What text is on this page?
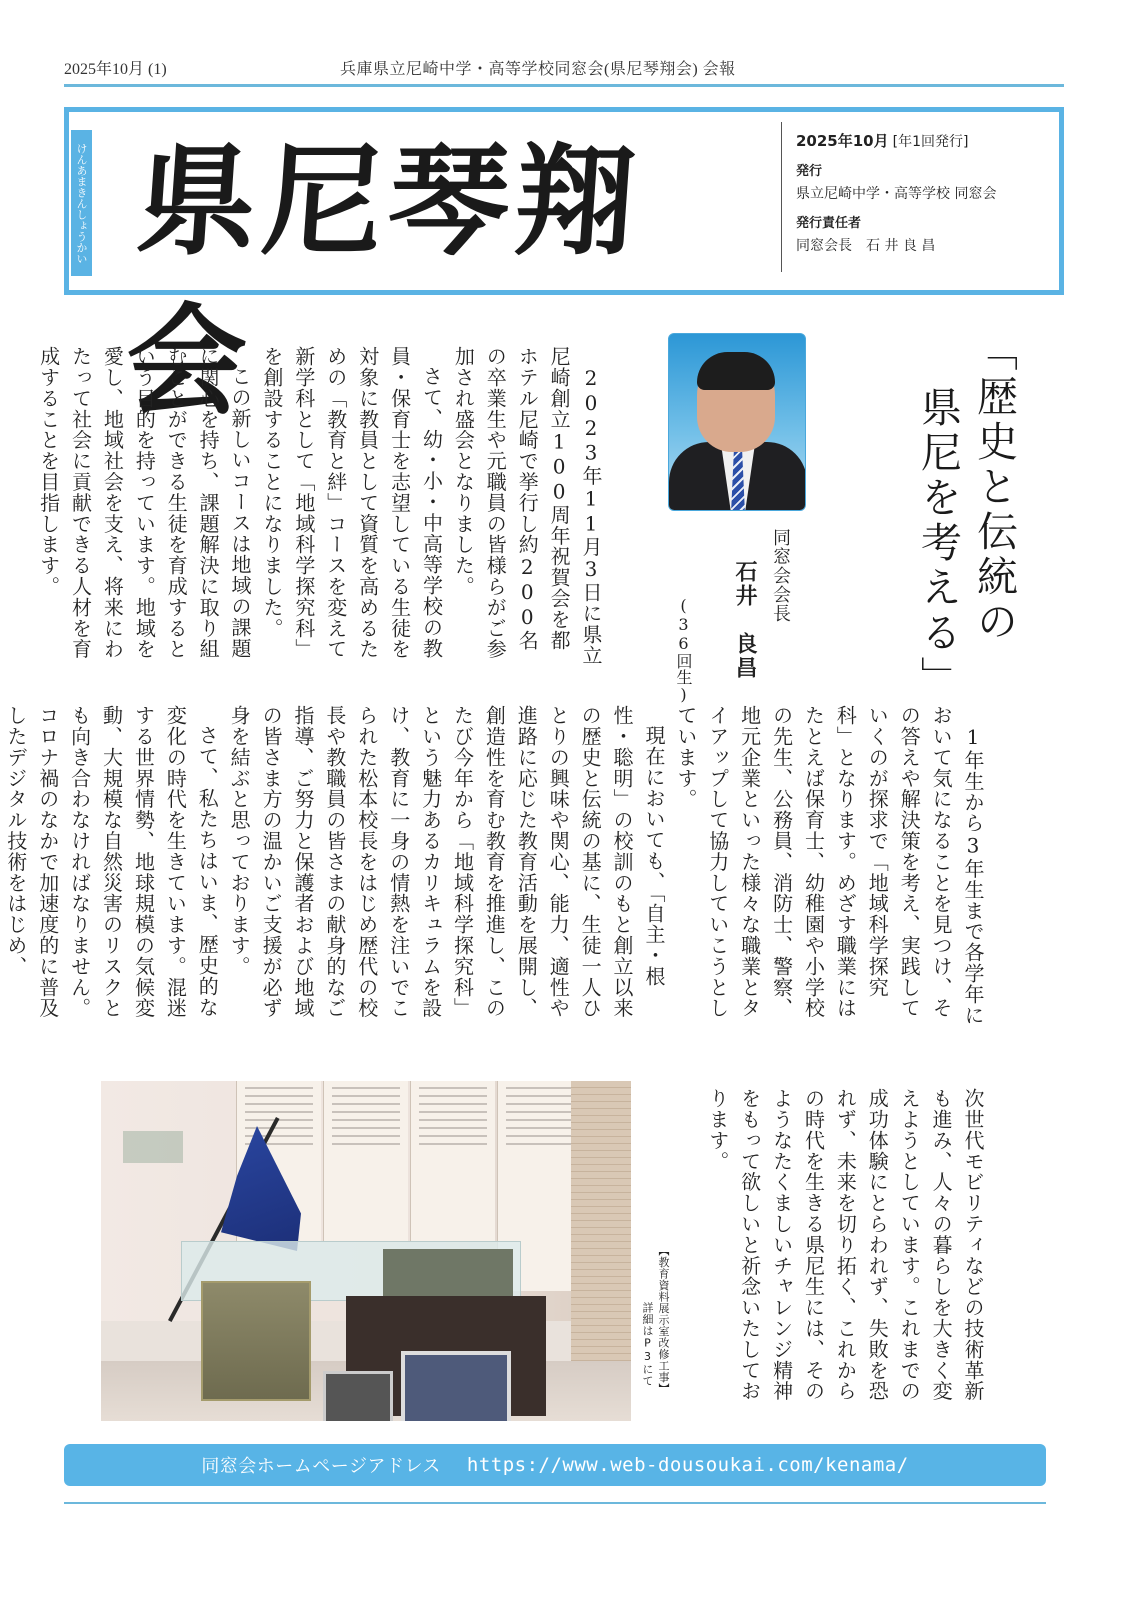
2025年10月 (1)	兵庫県立尼崎中学・高等学校同窓会(県尼琴翔会) 会報
けんあまきんしょうかい 県尼琴翔会
2025年10月 [年1回発行]
発行
県立尼崎中学・高等学校 同窓会
発行責任者
同窓会長　石 井 良 昌
「歴史と伝統の
県尼を考える」
同窓会会長
石井　良昌
(36回生)

2023年11月3日に県立尼崎創立100周年祝賀会を都ホテル尼崎で挙行し約200名の卒業生や元職員の皆様らがご参加され盛会となりました。

さて、幼・小・中高等学校の教員・保育士を志望している生徒を対象に教員として資質を高めるための「教育と絆」コースを変えて新学科として「地域科学探究科」を創設することになりました。

この新しいコースは地域の課題に関心を持ち、課題解決に取り組むことができる生徒を育成するという目的を持っています。地域を愛し、地域社会を支え、将来にわたって社会に貢献できる人材を育成することを目指します。

1年生から3年生まで各学年において気になることを見つけ、その答えや解決策を考え、実践していくのが探求で「地域科学探究科」となります。めざす職業にはたとえば保育士、幼稚園や小学校の先生、公務員、消防士、警察、地元企業といった様々な職業とタイアップして協力していこうとしています。

現在においても、「自主・根性・聡明」の校訓のもと創立以来の歴史と伝統の基に、生徒一人ひとりの興味や関心、能力、適性や進路に応じた教育活動を展開し、創造性を育む教育を推進し、このたび今年から「地域科学探究科」という魅力あるカリキュラムを設け、教育に一身の情熱を注いでこられた松本校長をはじめ歴代の校長や教職員の皆さまの献身的なご指導、ご努力と保護者および地域の皆さま方の温かいご支援が必ず身を結ぶと思っております。

さて、私たちはいま、歴史的な変化の時代を生きています。混迷する世界情勢、地球規模の気候変動、大規模な自然災害のリスクとも向き合わなければなりません。コロナ禍のなかで加速度的に普及したデジタル技術をはじめ、

次世代モビリティなどの技術革新も進み、人々の暮らしを大きく変えようとしています。これまでの成功体験にとらわれず、失敗を恐れず、未来を切り拓く、これからの時代を生きる県尼生には、そのようなたくましいチャレンジ精神をもって欲しいと祈念いたしております。

【教育資料展示室改修工事】
詳細はP3にて
同窓会ホームページアドレス https://www.web-dousoukai.com/kenama/
